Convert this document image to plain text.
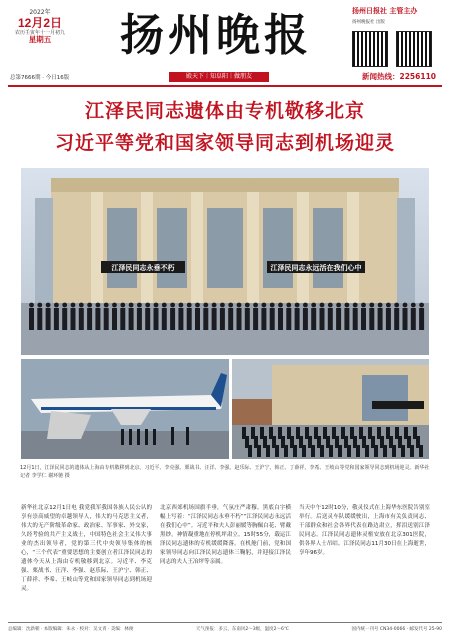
2022年
12月2日
农历壬寅年十一月初九
星期五	扬州晚报	扬州日报社 主管主办
扬州晚报社 出版
总第7666期 · 今日16版	殿天下｜知阜阳｜做朋友	新闻热线：2256110
江泽民同志遗体由专机敬移北京
习近平等党和国家领导同志到机场迎灵
江泽民同志永垂不朽	江泽民同志永远活在我们心中
12月1日，江泽民同志的遗体从上海由专机敬移到北京。习近平、李克强、栗战书、汪洋、李强、赵乐际、王沪宁、韩正、丁薛祥、李希、王岐山等党和国家领导同志到机场迎灵。新华社记者 李学仁 谢环驰 摄
新华社北京12月1日电 我党我军我国各族人民公认的享有崇高威望的卓越领导人，伟大的马克思主义者，伟大的无产阶级革命家、政治家、军事家、外交家，久经考验的共产主义战士，中国特色社会主义伟大事业的杰出领导者，党的第三代中央领导集体的核心，“三个代表”重要思想的主要创立者江泽民同志的遗体今天从上海由专机敬移到北京。习近平、李克强、栗战书、汪洋、李强、赵乐际、王沪宁、韩正、丁薛祥、李希、王岐山等党和国家领导同志到机场迎灵。
北京西郊机场国旗半垂，气氛庄严肃穆。黑底白字横幅上写着：“江泽民同志永垂不朽”“江泽民同志永远活在我们心中”。习近平和夫人彭丽媛等胸佩白花、臂戴黑纱，神情凝重地在停机坪肃立。15时55分，载运江泽民同志遗体的专机缓缓降落。在机舱门前，党和国家领导同志向江泽民同志遗体三鞠躬，并迎接江泽民同志的夫人王冶坪等亲属。
当天中午12时10分，敬灵仪式在上海华东医院告别室举行。后送灵车队缓缓驶出，上海市有关负责同志、干部群众和社会各界代表在路边肃立，挥泪送别江泽民同志。江泽民同志遗体灵柩安放在北京301医院，供各界人士吊唁。江泽民同志11月30日在上海逝世，享年96岁。
总编辑：沈新朝 · 本版编辑：朱永 · 校对：吴文青 · 美编：林俊	天气预报：多云，东南风2～3级，温度2～6℃	国内统一刊号 CN34-0066 · 邮发代号 25-90
